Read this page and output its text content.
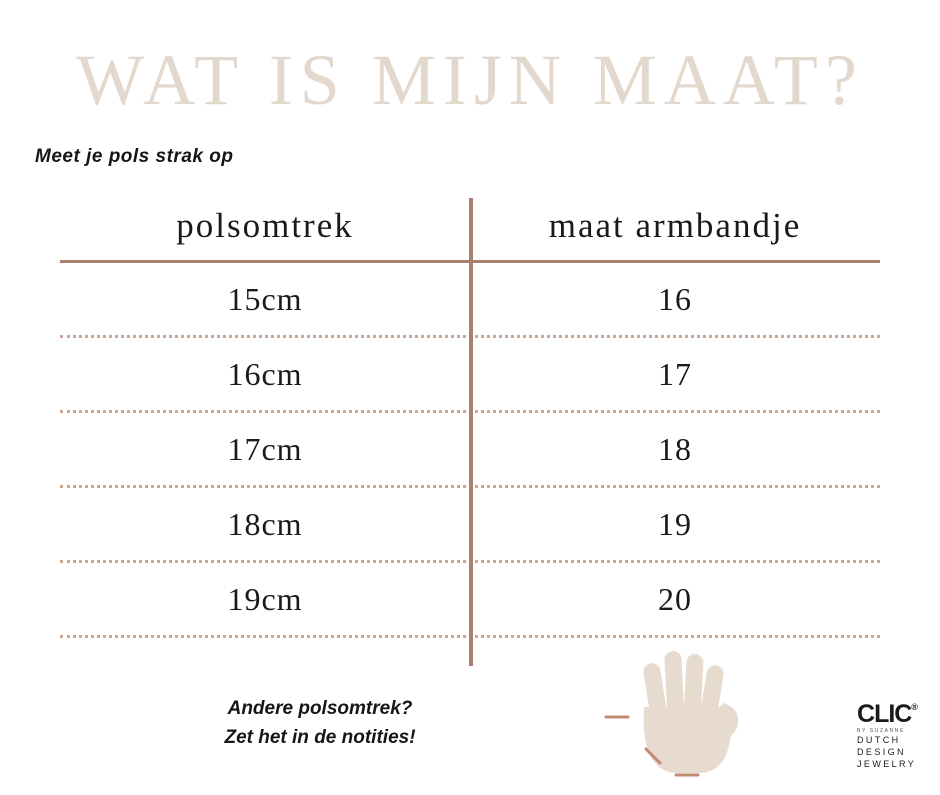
WAT IS MIJN MAAT?
Meet je pols strak op
polsomtrek	maat armbandje
15cm	16
16cm	17
17cm	18
18cm	19
19cm	20
Andere polsomtrek?
Zet het in de notities!
CLIC®
BY SUZANNE
DUTCH
DESIGN
JEWELRY
